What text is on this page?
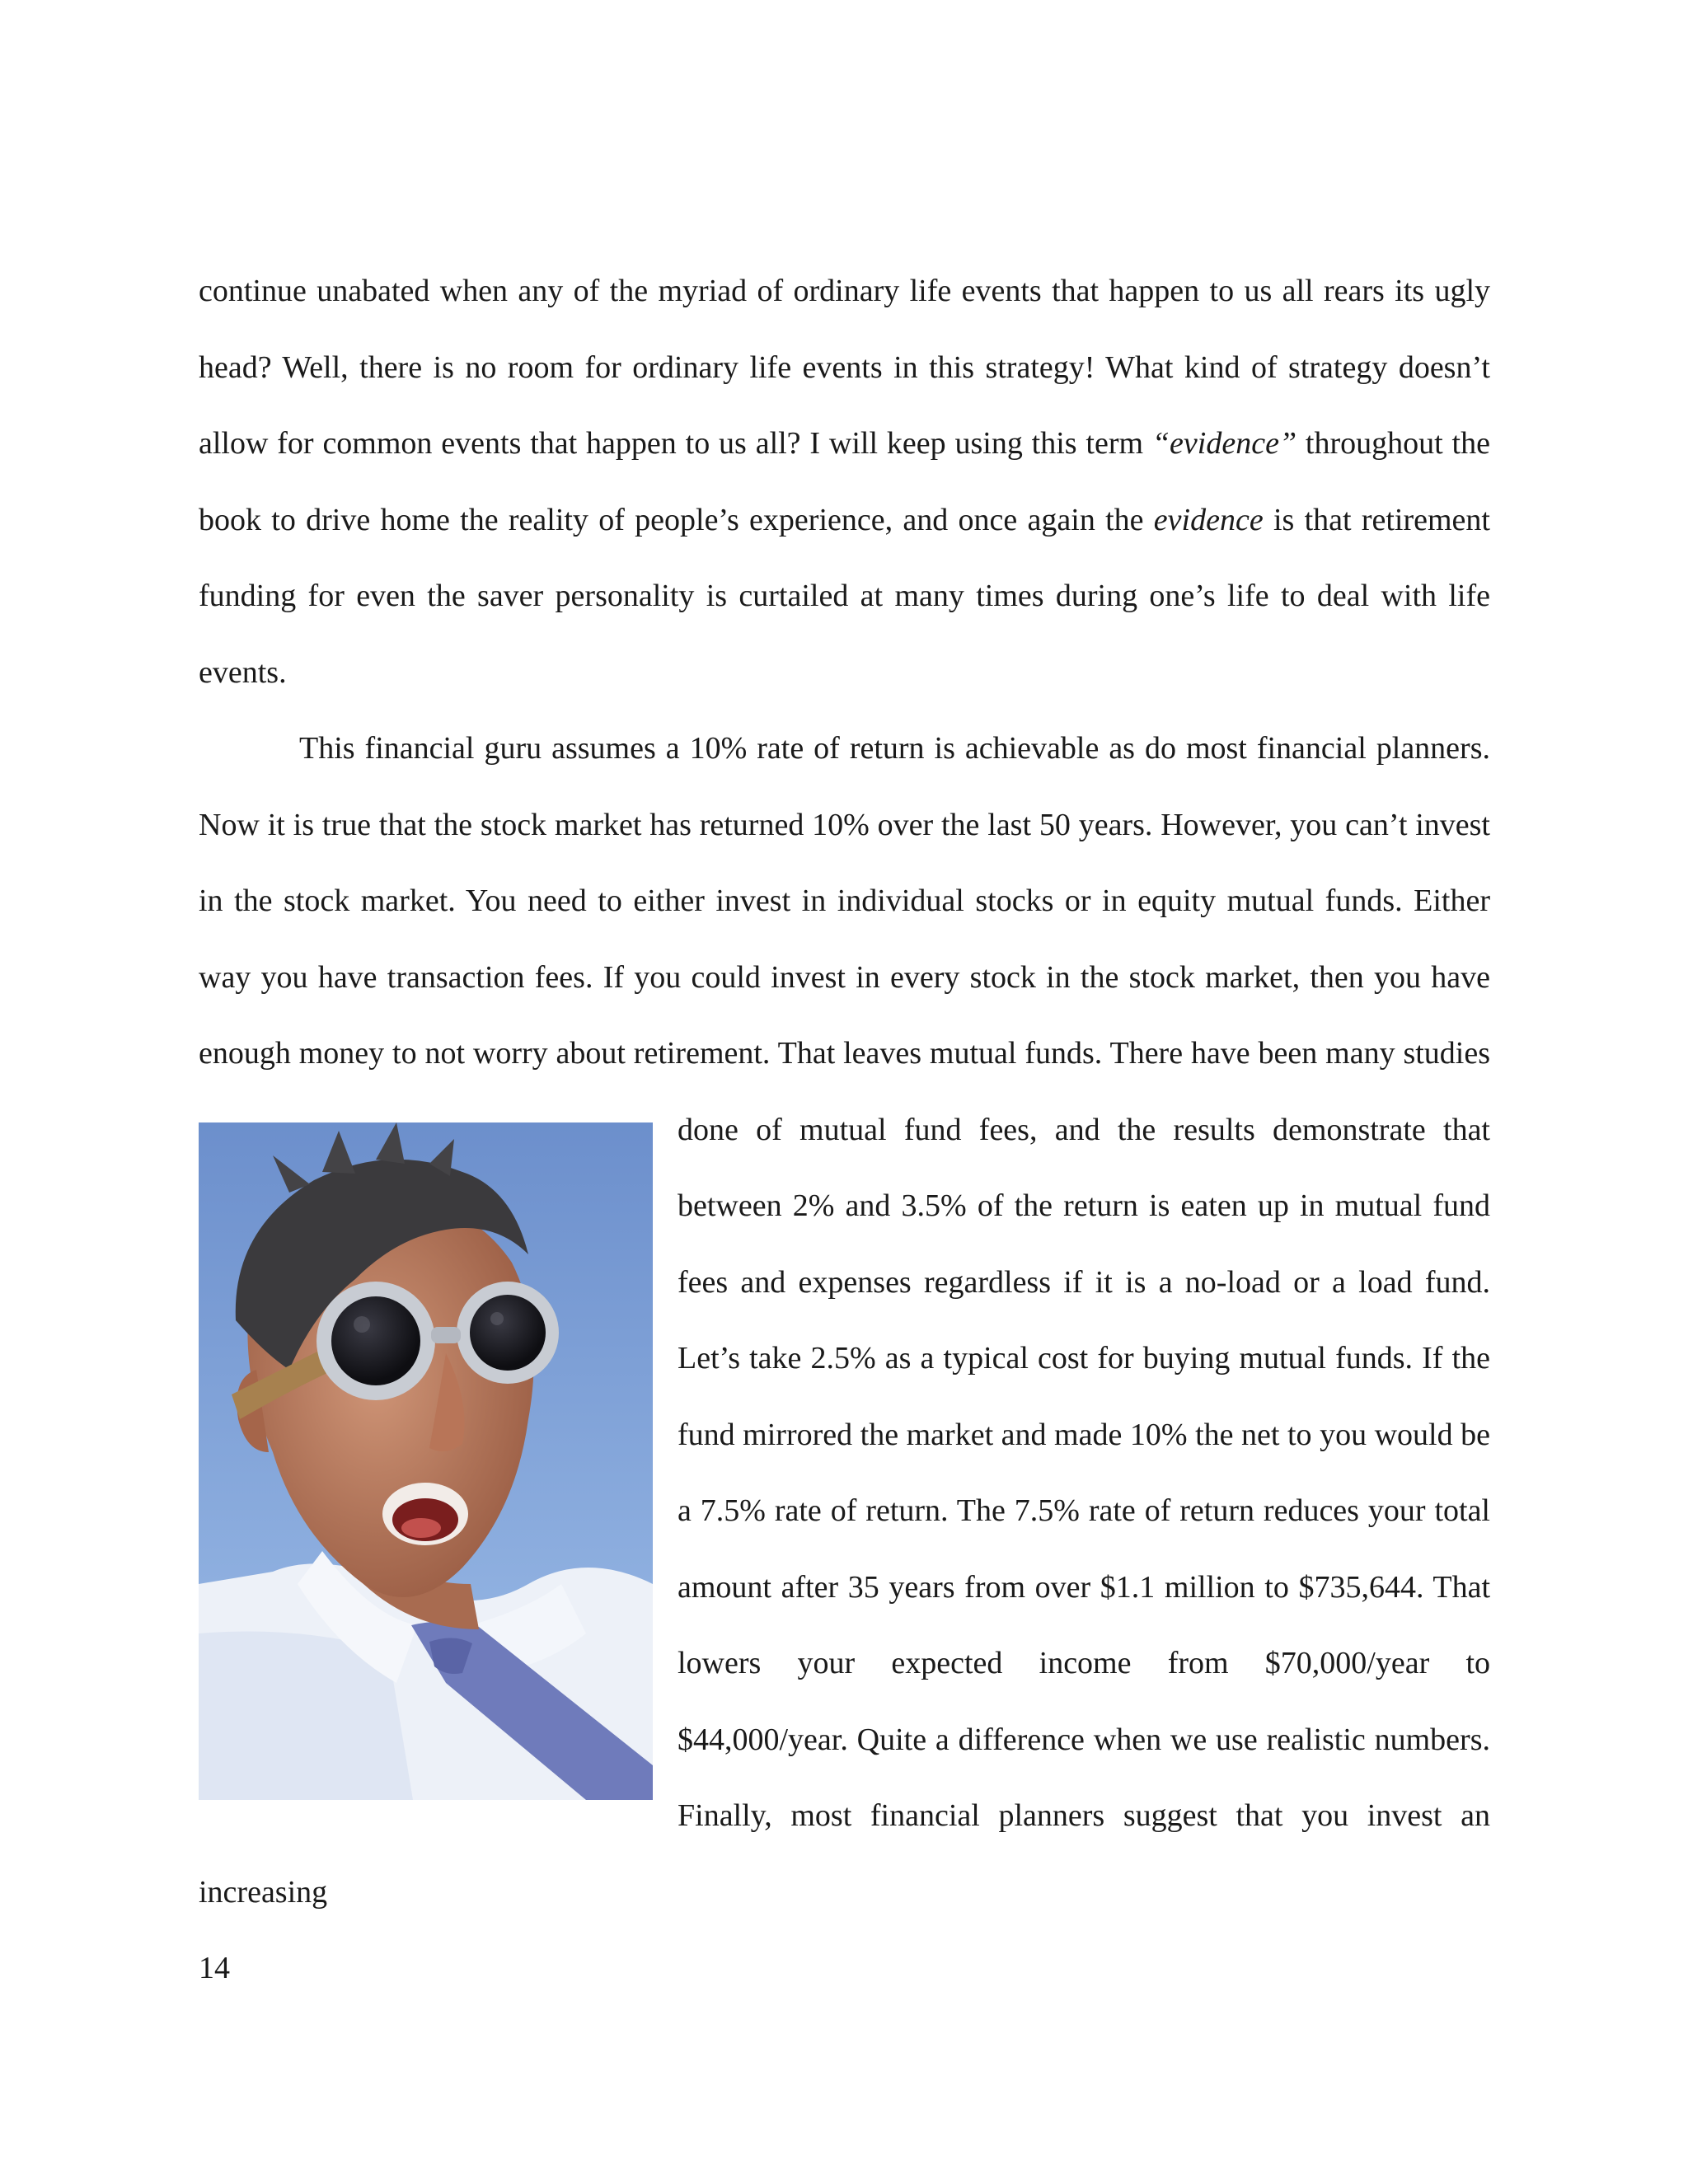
continue unabated when any of the myriad of ordinary life events that happen to us all rears its ugly head? Well, there is no room for ordinary life events in this strategy! What kind of strategy doesn’t allow for common events that happen to us all? I will keep using this term “evidence” throughout the book to drive home the reality of people’s experience, and once again the evidence is that retirement funding for even the saver personality is curtailed at many times during one’s life to deal with life events.

This financial guru assumes a 10% rate of return is achievable as do most financial planners. Now it is true that the stock market has returned 10% over the last 50 years. However, you can’t invest in the stock market. You need to either invest in individual stocks or in equity mutual funds. Either way you have transaction fees. If you could invest in every stock in the stock market, then you have enough money to not worry about retirement. That leaves mutual
funds. There have been many studies done of mutual fund fees, and the results demonstrate that between 2% and 3.5% of the return is eaten up in mutual fund fees and expenses regardless if it is a no-load or a load fund. Let’s take 2.5% as a typical cost for buying mutual funds. If the fund mirrored the market and made 10% the net to you would be a 7.5% rate of return. The 7.5% rate of return reduces your total amount after 35 years from over $1.1 million to $735,644. That lowers your expected income from $70,000/year to $44,000/year. Quite a difference when we use realistic numbers. Finally, most financial planners suggest that you invest an increasing

14
